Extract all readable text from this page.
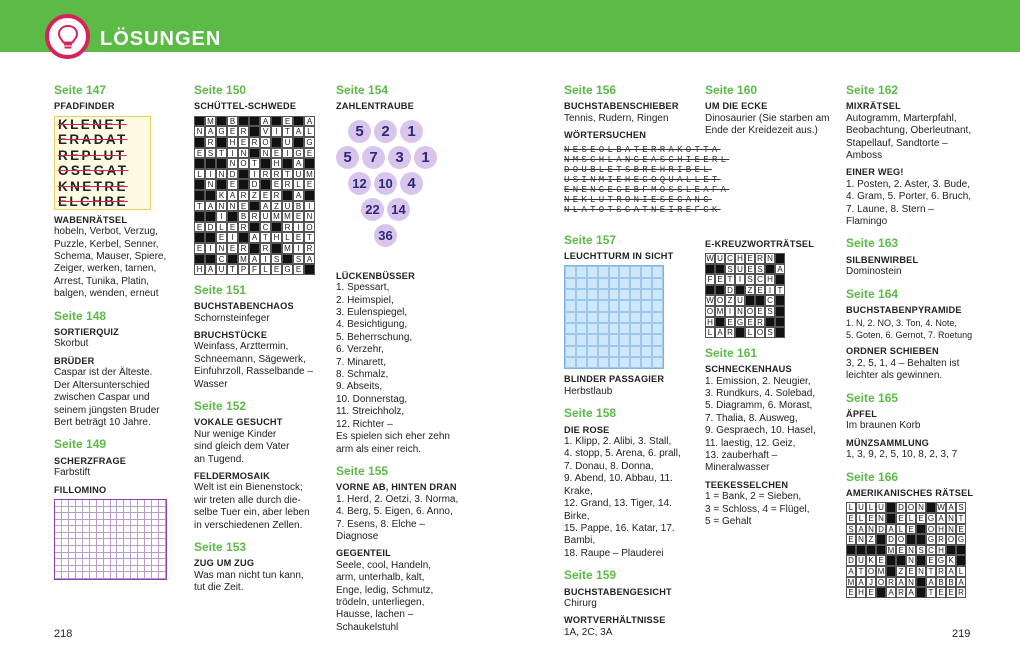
LÖSUNGEN
Seite 147
PFADFINDER
KLENET
ERADAT
REPLUT
OSEGAT
KNETRE
ELCHBE
WABENRÄTSEL
hobeln, Verbot, Verzug,
Puzzle, Kerbel, Senner,
Schema, Mauser, Spiere,
Zeiger, werken, tarnen,
Arrest, Tunika, Platin,
balgen, wenden, erneut
Seite 148
SORTIERQUIZ
Skorbut
BRÜDER
Caspar ist der Älteste.
Der Altersunterschied
zwischen Caspar und
seinem jüngsten Bruder
Bert beträgt 10 Jahre.
Seite 149
SCHERZFRAGE
Farbstift
FILLOMINO
Seite 150
SCHÜTTEL-SCHWEDE
M	B	A	E	A
N A G E R	V I T A L
R	H E R O	U	G
E S T I N	N E I G E
N O T	H	A
L I N D	I R R T U M
N	E	D	E R L E
K A R Z E R	A
T A N N E	A Z U B I
I	B R U M M E N
E D L E R	C	R I O
E I	A T H L E T
E I N E R	R	M I R
C	M A I S	S A
H A U T P F L E G E
Seite 151
BUCHSTABENCHAOS
Schornsteinfeger
BRUCHSTÜCKE
Weinfass, Arzttermin,
Schneemann, Sägewerk,
Einfuhrzoll, Rasselbande –
Wasser
Seite 152
VOKALE GESUCHT
Nur wenige Kinder
sind gleich dem Vater
an Tugend.
FELDERMOSAIK
Welt ist ein Bienenstock;
wir treten alle durch die-
selbe Tuer ein, aber leben
in verschiedenen Zellen.
Seite 153
ZUG UM ZUG
Was man nicht tun kann,
tut die Zeit.
Seite 154
ZAHLENTRAUBE
5	2	1
5	7	3	1
12 10 4
22 14
36
LÜCKENBÜSSER
1. Spessart,
2. Heimspiel,
3. Eulenspiegel,
4. Besichtigung,
5. Beherrschung,
6. Verzehr,
7. Minarett,
8. Schmalz,
9. Abseits,
10. Donnerstag,
11. Streichholz,
12. Richter –
Es spielen sich eher zehn
arm als einer reich.
Seite 155
VORNE AB, HINTEN DRAN
1. Herd, 2. Oetzi, 3. Norma,
4. Berg, 5. Eigen, 6. Anno,
7. Esens, 8. Elche –
Diagnose
GEGENTEIL
Seele, cool, Handeln,
arm, unterhalb, kalt,
Enge, ledig, Schmutz,
trödeln, unterliegen,
Hausse, lachen –
Schaukelstuhl
Seite 156
BUCHSTABENSCHIEBER
Tennis, Rudern, Ringen
WÖRTERSUCHEN
NESEOLBATERRAKOTTA
NMSCHLANGEASCHIEERL
DOUBLETSBREHRIBEL
USINMIEHEGOQUALLET
ENENGEGEBFMOSSLEAFA
NEKLUTRONIESEGANG
NLATOTSGATNEIREFGK
Seite 157
LEUCHTTURM IN SICHT
BLINDER PASSAGIER
Herbstlaub
Seite 158
DIE ROSE
1. Klipp, 2. Alibi, 3. Stall,
4. stopp, 5. Arena, 6. prall,
7. Donau, 8. Donna,
9. Abend, 10. Abbau, 11. Krake,
12. Grand, 13. Tiger, 14. Birke,
15. Pappe, 16. Katar, 17. Bambi,
18. Raupe – Plauderei
Seite 159
BUCHSTABENGESICHT
Chirurg
WORTVERHÄLTNISSE
1A, 2C, 3A
Seite 160
UM DIE ECKE
Dinosaurier (Sie starben am
Ende der Kreidezeit aus.)
E-KREUZWORTRÄTSEL
W U C H E R N
S U E S A
F E T I S C H
D	Z E I T
W O Z U	C
O M I N O E S
H E G E R
L A R	L O S
Seite 161
SCHNECKENHAUS
1. Emission, 2. Neugier,
3. Rundkurs, 4. Solebad,
5. Diagramm, 6. Morast,
7. Thalia, 8. Ausweg,
9. Gespraech, 10. Hasel,
11. laestig, 12. Geiz,
13. zauberhaft –
Mineralwasser
TEEKESSELCHEN
1 = Bank, 2 = Sieben,
3 = Schloss, 4 = Flügel,
5 = Gehalt
Seite 162
MIXRÄTSEL
Autogramm, Marterpfahl,
Beobachtung, Oberleutnant,
Stapellauf, Sandtorte –
Amboss
EINER WEG!
1. Posten, 2. Aster, 3. Bude,
4. Gram, 5. Porter, 6. Bruch,
7. Laune, 8. Stern – Flamingo
Seite 163
SILBENWIRBEL
Dominostein
Seite 164
BUCHSTABENPYRAMIDE
1. N, 2. NO, 3. Ton, 4. Note,
5. Goten, 6. Gernot, 7. Roetung
ORDNER SCHIEBEN
3, 2, 5, 1, 4 – Behalten ist
leichter als gewinnen.
Seite 165
ÄPFEL
Im braunen Korb
MÜNZSAMMLUNG
1, 3, 9, 2, 5, 10, 8, 2, 3, 7
Seite 166
AMERIKANISCHES RÄTSEL
L U L U D O N W A S
E L E N E L E G A N T
S A N D A L E O H N E
E N Z	D O	G R O G
M E N S C H
D U K E	N E G K
A T O M	Z E N T R A L
M A J O R A N A B B A
E H E A R A	T E E R
218	219
